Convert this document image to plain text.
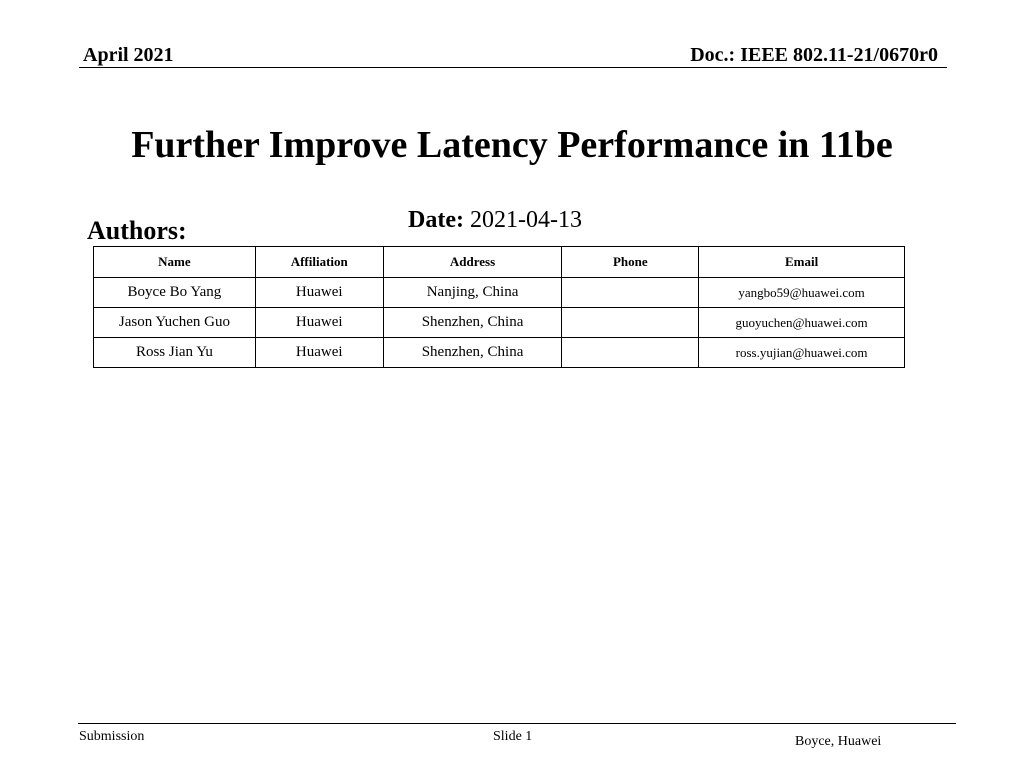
April 2021	Doc.: IEEE 802.11-21/0670r0
Further Improve Latency Performance in 11be
Date: 2021-04-13
Authors:
Name	Affiliation	Address	Phone	Email
Boyce Bo Yang	Huawei	Nanjing, China		yangbo59@huawei.com
Jason Yuchen Guo	Huawei	Shenzhen, China		guoyuchen@huawei.com
Ross Jian Yu	Huawei	Shenzhen, China		ross.yujian@huawei.com
Submission	Slide 1	Boyce, Huawei
